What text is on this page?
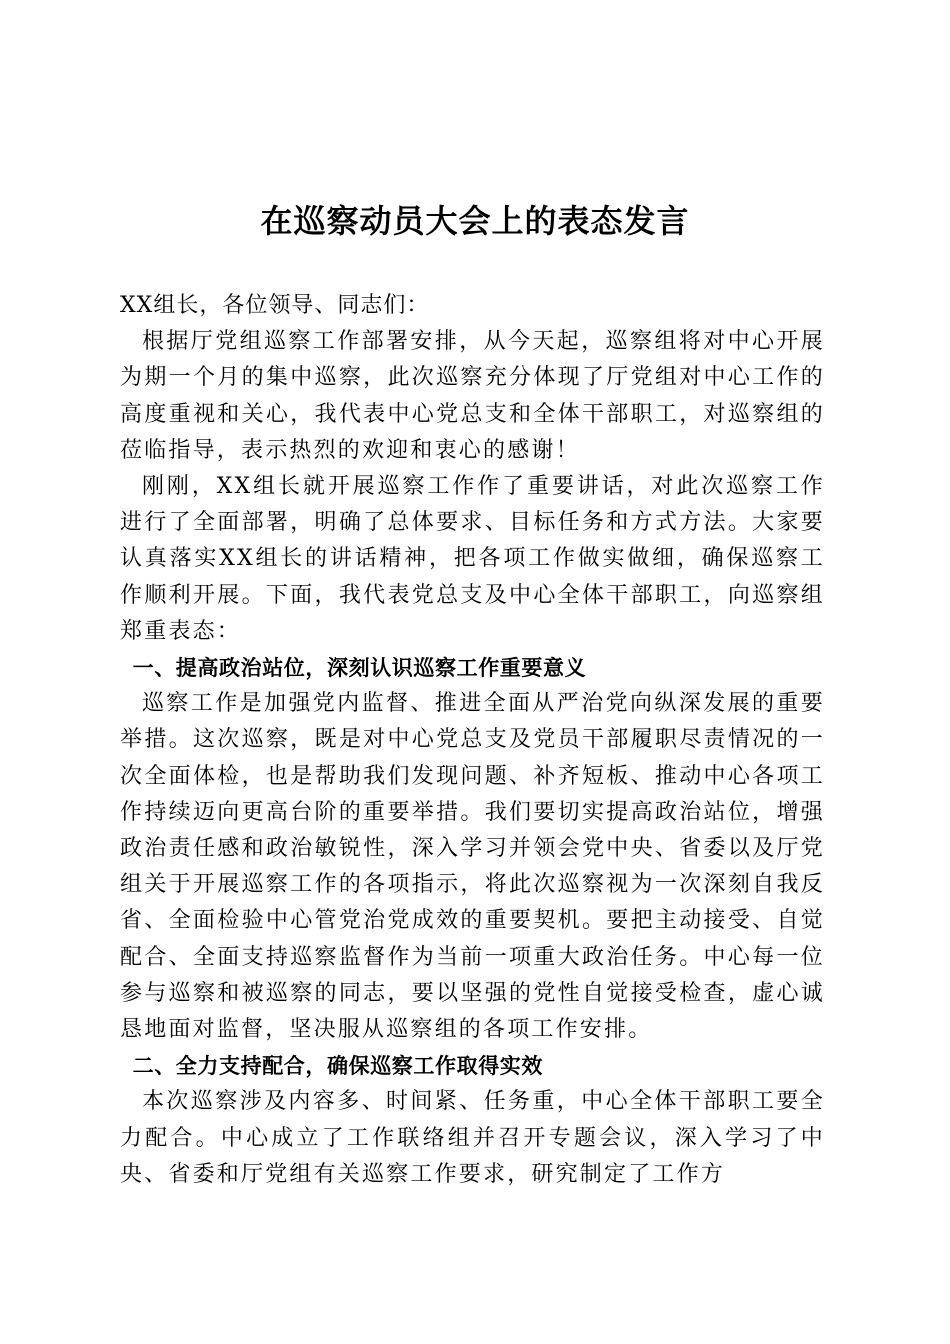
在巡察动员大会上的表态发言

XX组长，各位领导、同志们：

根据厅党组巡察工作部署安排，从今天起，巡察组将对中心开展为期一个月的集中巡察，此次巡察充分体现了厅党组对中心工作的高度重视和关心，我代表中心党总支和全体干部职工，对巡察组的莅临指导，表示热烈的欢迎和衷心的感谢！

刚刚，XX组长就开展巡察工作作了重要讲话，对此次巡察工作进行了全面部署，明确了总体要求、目标任务和方式方法。大家要认真落实XX组长的讲话精神，把各项工作做实做细，确保巡察工作顺利开展。下面，我代表党总支及中心全体干部职工，向巡察组郑重表态：

一、提高政治站位，深刻认识巡察工作重要意义

巡察工作是加强党内监督、推进全面从严治党向纵深发展的重要举措。这次巡察，既是对中心党总支及党员干部履职尽责情况的一次全面体检，也是帮助我们发现问题、补齐短板、推动中心各项工作持续迈向更高台阶的重要举措。我们要切实提高政治站位，增强政治责任感和政治敏锐性，深入学习并领会党中央、省委以及厅党组关于开展巡察工作的各项指示，将此次巡察视为一次深刻自我反省、全面检验中心管党治党成效的重要契机。要把主动接受、自觉配合、全面支持巡察监督作为当前一项重大政治任务。中心每一位参与巡察和被巡察的同志，要以坚强的党性自觉接受检查，虚心诚恳地面对监督，坚决服从巡察组的各项工作安排。

二、全力支持配合，确保巡察工作取得实效

本次巡察涉及内容多、时间紧、任务重，中心全体干部职工要全力配合。中心成立了工作联络组并召开专题会议，深入学习了中央、省委和厅党组有关巡察工作要求，研究制定了工作方
